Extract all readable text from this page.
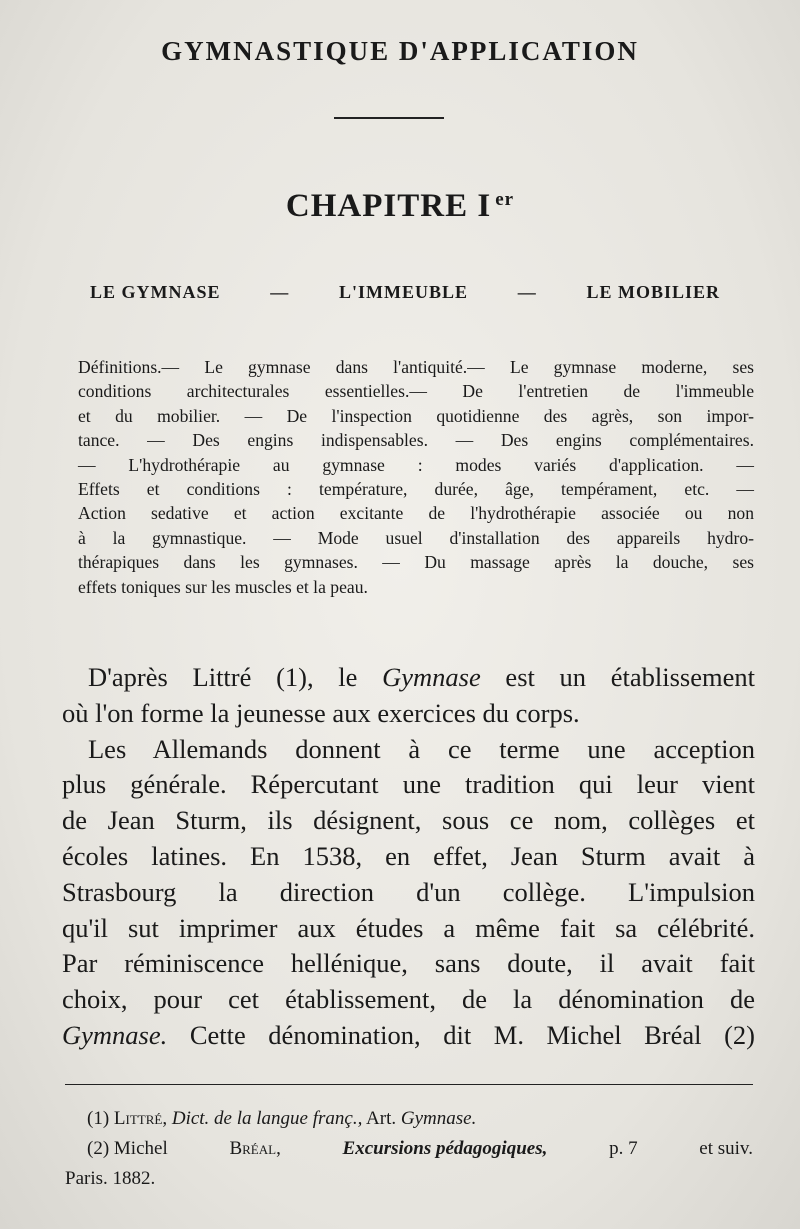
GYMNASTIQUE D'APPLICATION
CHAPITRE I $^{er}$
LE GYMNASE	—	L'IMMEUBLE	—	LE MOBILIER
Définitions.— Le gymnase dans l'antiquité.— Le gymnase moderne, ses
conditions architecturales essentielles.— De l'entretien de l'immeuble
et du mobilier. — De l'inspection quotidienne des agrès, son impor-
tance. — Des engins indispensables. — Des engins complémentaires.
— L'hydrothérapie au gymnase : modes variés d'application. —
Effets et conditions : température, durée, âge, tempérament, etc. —
Action sedative et action excitante de l'hydrothérapie associée ou non
à la gymnastique. — Mode usuel d'installation des appareils hydro-
thérapiques dans les gymnases. — Du massage après la douche, ses
effets toniques sur les muscles et la peau.
D'après Littré (1), le Gymnase est un établissement
où l'on forme la jeunesse aux exercices du corps.
Les Allemands donnent à ce terme une acception
plus générale. Répercutant une tradition qui leur vient
de Jean Sturm, ils désignent, sous ce nom, collèges et
écoles latines. En 1538, en effet, Jean Sturm avait à
Strasbourg la direction d'un collège. L'impulsion
qu'il sut imprimer aux études a même fait sa célébrité.
Par réminiscence hellénique, sans doute, il avait fait
choix, pour cet établissement, de la dénomination de
Gymnase. Cette dénomination, dit M. Michel Bréal (2)
(1) Littré, Dict. de la langue franç., Art. Gymnase.
(2) Michel	Bréal,	Excursions pédagogiques,	p. 7	et suiv.
Paris. 1882.
